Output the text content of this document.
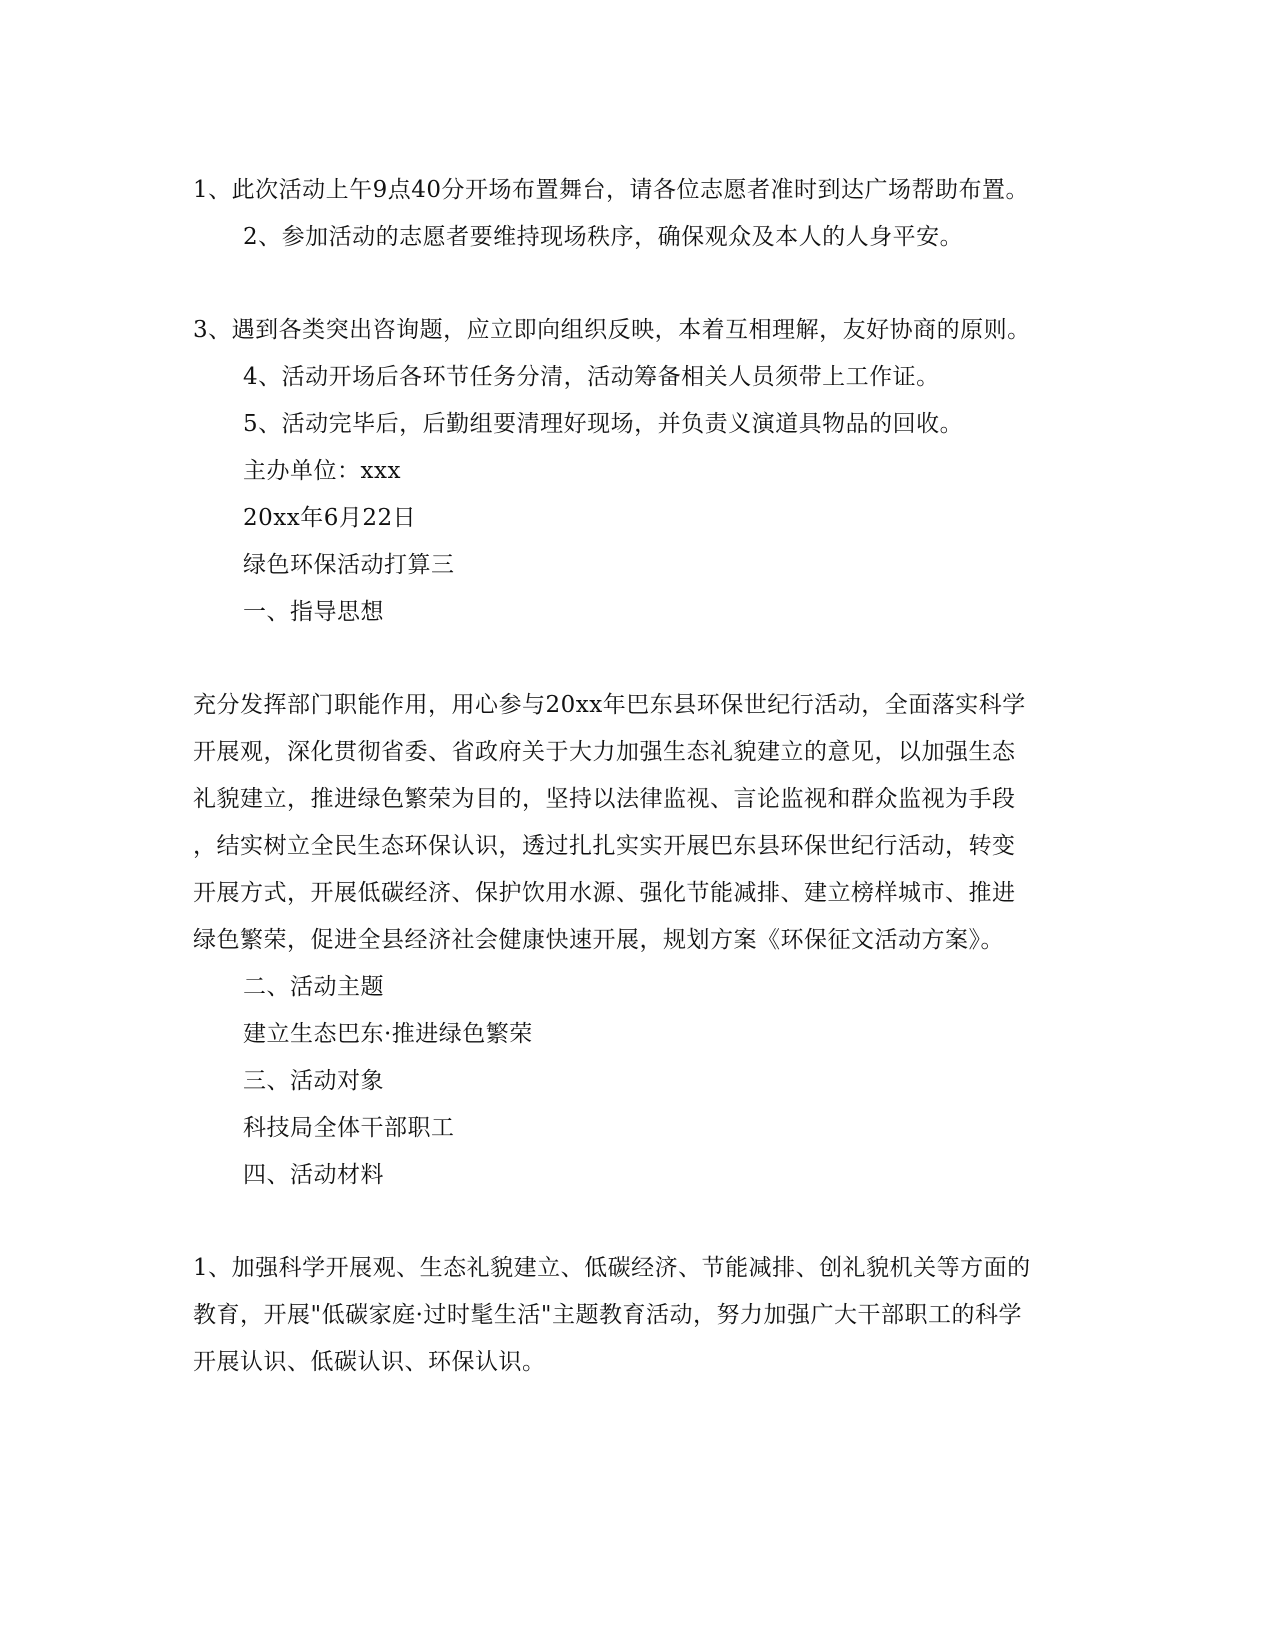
1、此次活动上午9点40分开场布置舞台，请各位志愿者准时到达广场帮助布置。
2、参加活动的志愿者要维持现场秩序，确保观众及本人的人身平安。
3、遇到各类突出咨询题，应立即向组织反映，本着互相理解，友好协商的原则。
4、活动开场后各环节任务分清，活动筹备相关人员须带上工作证。
5、活动完毕后，后勤组要清理好现场，并负责义演道具物品的回收。
主办单位：xxx
20xx年6月22日
绿色环保活动打算三
一、指导思想
充分发挥部门职能作用，用心参与20xx年巴东县环保世纪行活动，全面落实科学
开展观，深化贯彻省委、省政府关于大力加强生态礼貌建立的意见，以加强生态
礼貌建立，推进绿色繁荣为目的，坚持以法律监视、言论监视和群众监视为手段
，结实树立全民生态环保认识，透过扎扎实实开展巴东县环保世纪行活动，转变
开展方式，开展低碳经济、保护饮用水源、强化节能减排、建立榜样城市、推进
绿色繁荣，促进全县经济社会健康快速开展，规划方案《环保征文活动方案》。
二、活动主题
建立生态巴东·推进绿色繁荣
三、活动对象
科技局全体干部职工
四、活动材料
1、加强科学开展观、生态礼貌建立、低碳经济、节能减排、创礼貌机关等方面的
教育，开展"低碳家庭·过时髦生活"主题教育活动，努力加强广大干部职工的科学
开展认识、低碳认识、环保认识。
